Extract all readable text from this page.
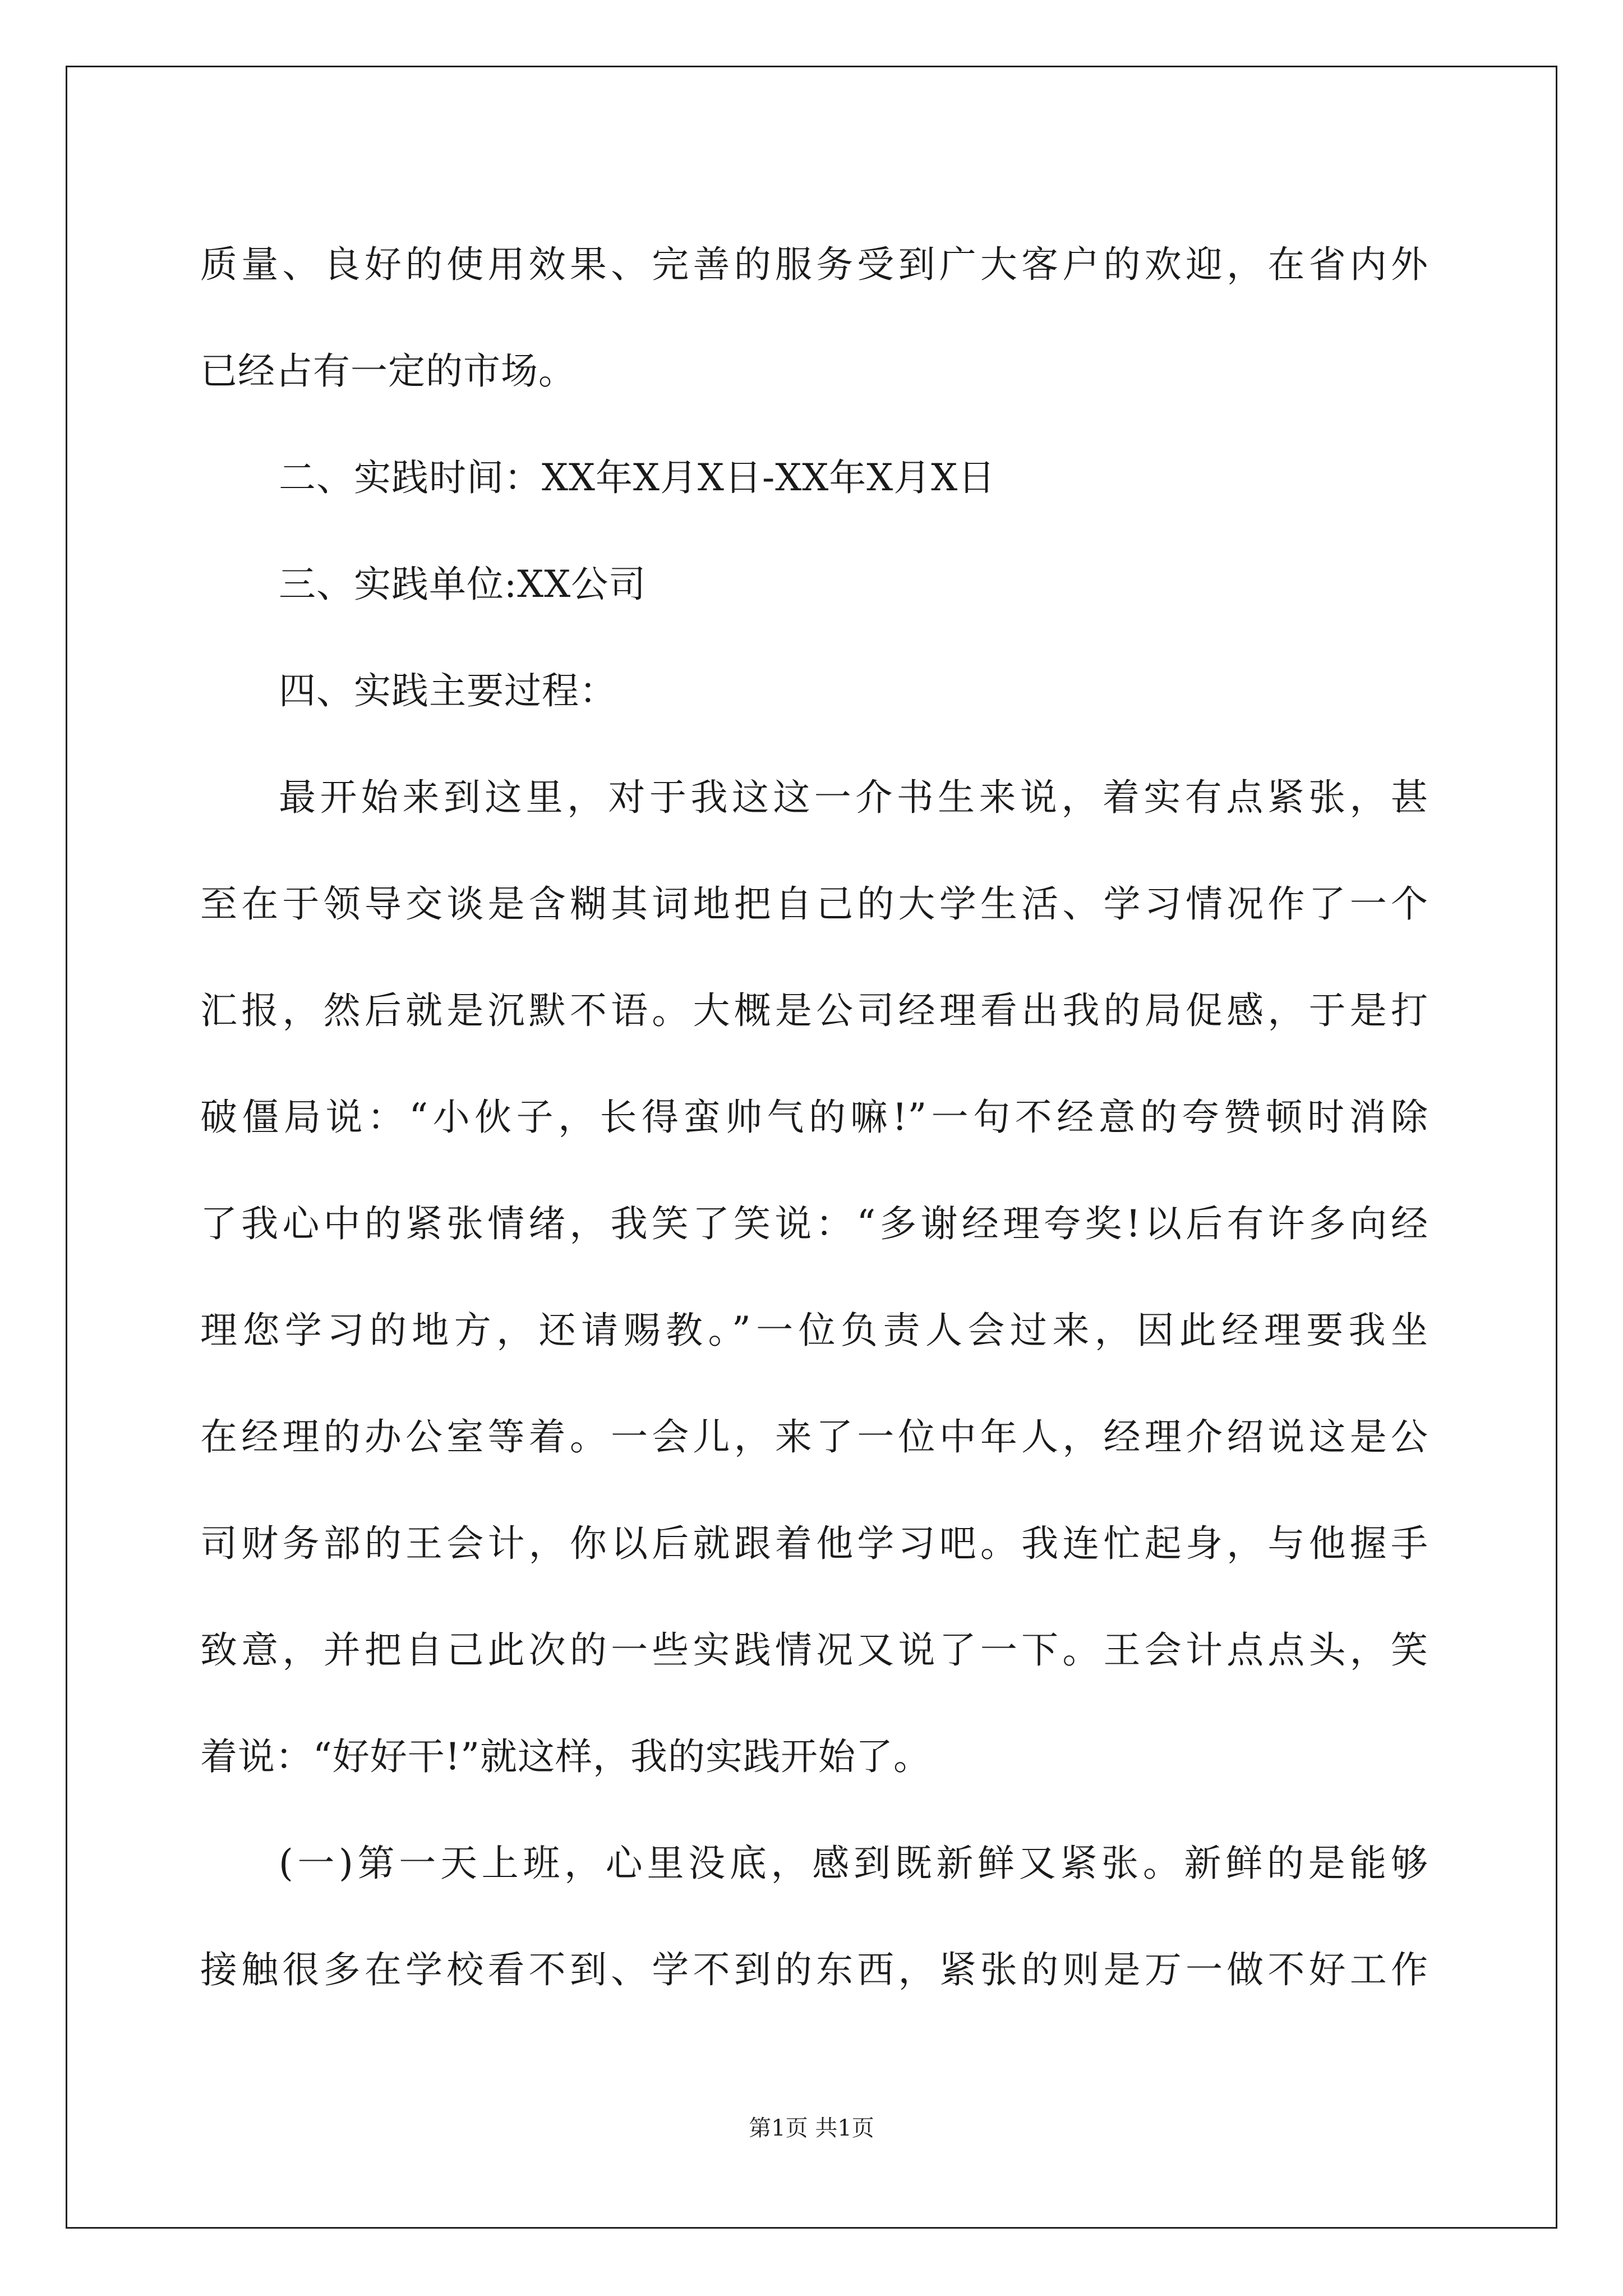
质量、良好的使用效果、完善的服务受到广大客户的欢迎，在省内外
已经占有一定的市场。
二、实践时间：XX年X月X日-XX年X月X日
三、实践单位:XX公司
四、实践主要过程：
最开始来到这里，对于我这这一介书生来说，着实有点紧张，甚
至在于领导交谈是含糊其词地把自己的大学生活、学习情况作了一个
汇报，然后就是沉默不语。大概是公司经理看出我的局促感，于是打
破僵局说：“小伙子，长得蛮帅气的嘛!”一句不经意的夸赞顿时消除
了我心中的紧张情绪，我笑了笑说：“多谢经理夸奖!以后有许多向经
理您学习的地方，还请赐教。”一位负责人会过来，因此经理要我坐
在经理的办公室等着。一会儿，来了一位中年人，经理介绍说这是公
司财务部的王会计，你以后就跟着他学习吧。我连忙起身，与他握手
致意，并把自己此次的一些实践情况又说了一下。王会计点点头，笑
着说：“好好干!”就这样，我的实践开始了。
(一)第一天上班，心里没底，感到既新鲜又紧张。新鲜的是能够
接触很多在学校看不到、学不到的东西，紧张的则是万一做不好工作
第1页 共1页
